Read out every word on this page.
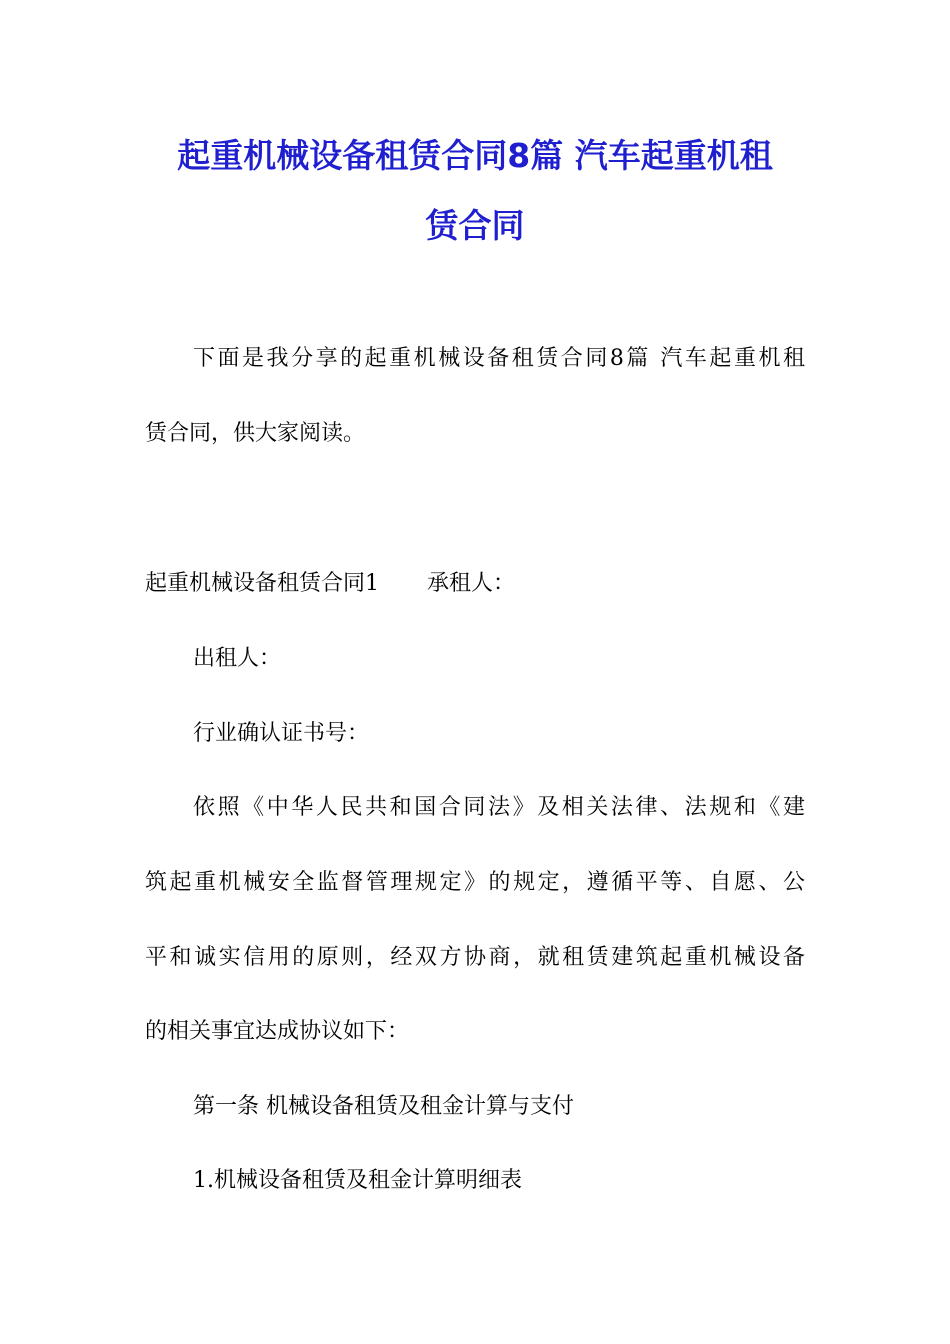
起重机械设备租赁合同8篇 汽车起重机租
赁合同

下面是我分享的起重机械设备租赁合同8篇 汽车起重机租

赁合同，供大家阅读。

起重机械设备租赁合同1 承租人：

出租人：

行业确认证书号：

依照《中华人民共和国合同法》及相关法律、法规和《建

筑起重机械安全监督管理规定》的规定，遵循平等、自愿、公

平和诚实信用的原则，经双方协商，就租赁建筑起重机械设备

的相关事宜达成协议如下：

第一条 机械设备租赁及租金计算与支付

1.机械设备租赁及租金计算明细表
